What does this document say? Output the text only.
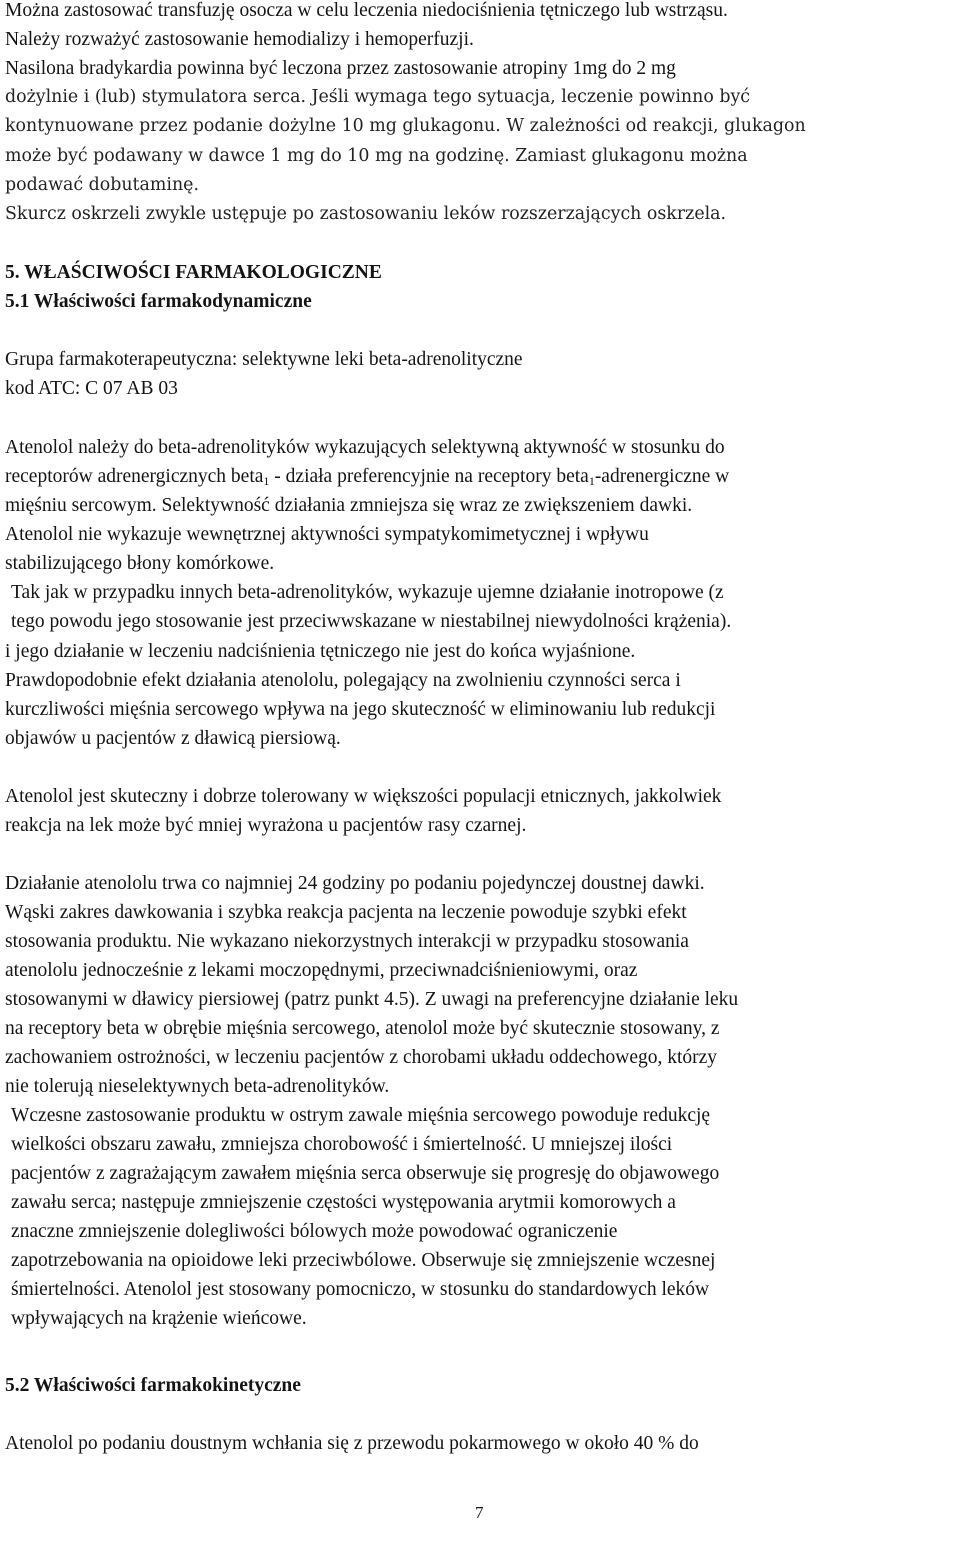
Można zastosować transfuzję osocza w celu leczenia niedociśnienia tętniczego lub wstrząsu.
Należy rozważyć zastosowanie hemodializy i hemoperfuzji.
Nasilona bradykardia powinna być leczona przez zastosowanie atropiny 1mg do 2 mg
dożylnie i (lub) stymulatora serca. Jeśli wymaga tego sytuacja, leczenie powinno być
kontynuowane przez podanie dożylne 10 mg glukagonu. W zależności od reakcji, glukagon
może być podawany w dawce 1 mg do 10 mg na godzinę. Zamiast glukagonu można
podawać dobutaminę.
Skurcz oskrzeli zwykle ustępuje po zastosowaniu leków rozszerzających oskrzela.
5. WŁAŚCIWOŚCI FARMAKOLOGICZNE
5.1 Właściwości farmakodynamiczne
Grupa farmakoterapeutyczna: selektywne leki beta-adrenolityczne
kod ATC: C 07 AB 03
Atenolol należy do beta-adrenolityków wykazujących selektywną aktywność w stosunku do
receptorów adrenergicznych beta$_1$ - działa preferencyjnie na receptory beta$_1$-adrenergiczne w
mięśniu sercowym. Selektywność działania zmniejsza się wraz ze zwiększeniem dawki.
Atenolol nie wykazuje wewnętrznej aktywności sympatykomimetycznej i wpływu
stabilizującego błony komórkowe.
Tak jak w przypadku innych beta-adrenolityków, wykazuje ujemne działanie inotropowe (z
tego powodu jego stosowanie jest przeciwwskazane w niestabilnej niewydolności krążenia).
i jego działanie w leczeniu nadciśnienia tętniczego nie jest do końca wyjaśnione.
Prawdopodobnie efekt działania atenololu, polegający na zwolnieniu czynności serca i
kurczliwości mięśnia sercowego wpływa na jego skuteczność w eliminowaniu lub redukcji
objawów u pacjentów z dławicą piersiową.
Atenolol jest skuteczny i dobrze tolerowany w większości populacji etnicznych, jakkolwiek
reakcja na lek może być mniej wyrażona u pacjentów rasy czarnej.
Działanie atenololu trwa co najmniej 24 godziny po podaniu pojedynczej doustnej dawki.
Wąski zakres dawkowania i szybka reakcja pacjenta na leczenie powoduje szybki efekt
stosowania produktu. Nie wykazano niekorzystnych interakcji w przypadku stosowania
atenololu jednocześnie z lekami moczopędnymi, przeciwnadciśnieniowymi, oraz
stosowanymi w dławicy piersiowej (patrz punkt 4.5). Z uwagi na preferencyjne działanie leku
na receptory beta w obrębie mięśnia sercowego, atenolol może być skutecznie stosowany, z
zachowaniem ostrożności, w leczeniu pacjentów z chorobami układu oddechowego, którzy
nie tolerują nieselektywnych beta-adrenolityków.
Wczesne zastosowanie produktu w ostrym zawale mięśnia sercowego powoduje redukcję
wielkości obszaru zawału, zmniejsza chorobowość i śmiertelność. U mniejszej ilości
pacjentów z zagrażającym zawałem mięśnia serca obserwuje się progresję do objawowego
zawału serca; następuje zmniejszenie częstości występowania arytmii komorowych a
znaczne zmniejszenie dolegliwości bólowych może powodować ograniczenie
zapotrzebowania na opioidowe leki przeciwbólowe. Obserwuje się zmniejszenie wczesnej
śmiertelności. Atenolol jest stosowany pomocniczo, w stosunku do standardowych leków
wpływających na krążenie wieńcowe.
5.2 Właściwości farmakokinetyczne
Atenolol po podaniu doustnym wchłania się z przewodu pokarmowego w około 40 % do
7
